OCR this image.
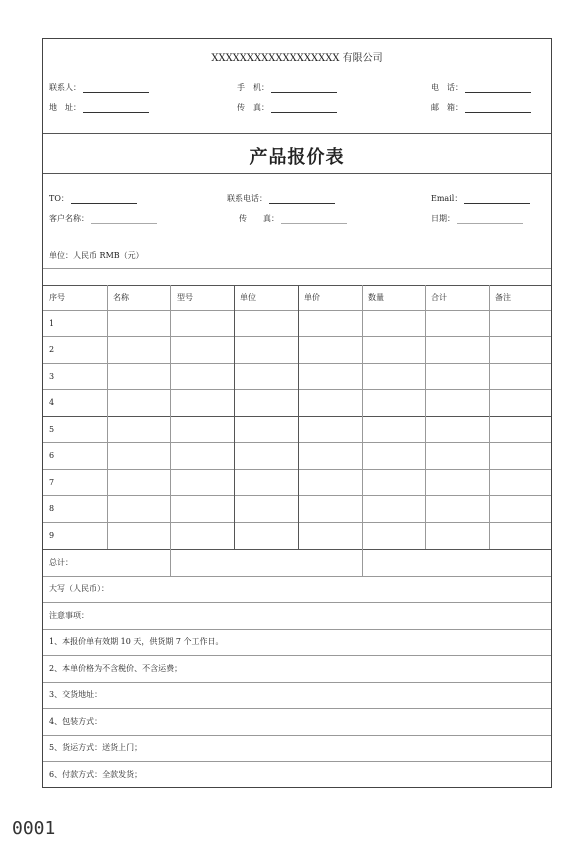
XXXXXXXXXXXXXXXXXX 有限公司
联系人：	手　机：	电　话：
地　址：	传　真：	邮　箱：
产品报价表
TO：	联系电话：	Email：
客户名称：	传　　真：	日期：
单位：人民币 RMB（元）
序号	名称	型号	单位	单价	数量	合计	备注
1
2
3
4
5
6
7
8
9
总计：
大写（人民币）：
注意事项：
1、本报价单有效期 10 天，供货期 7 个工作日。
2、本单价格为不含税价、不含运费；
3、交货地址：
4、包装方式：
5、货运方式：送货上门；
6、付款方式：全款发货；
0001
